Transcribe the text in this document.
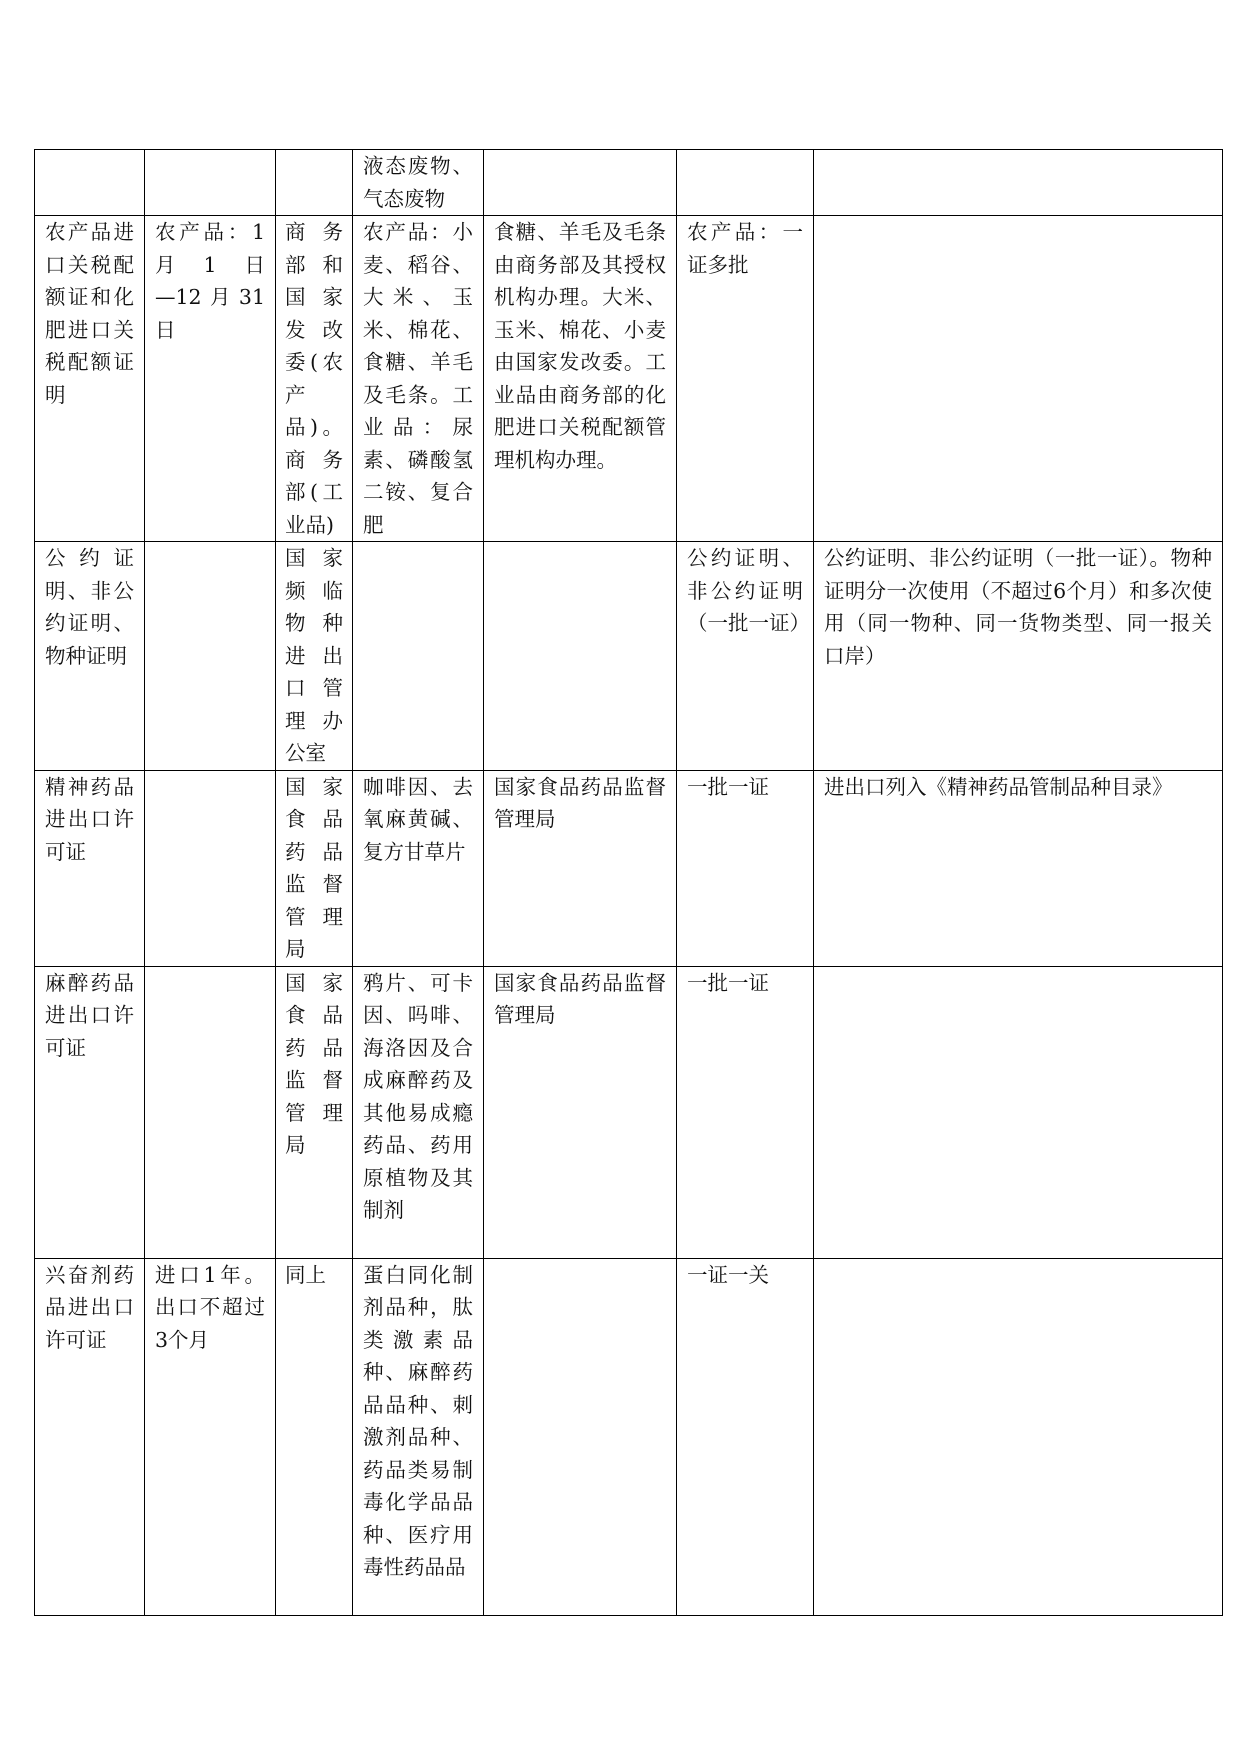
			液态废物、气态废物			
农产品进口关税配额证和化肥进口关税配额证明	农产品：1月　1　日—12月31日	商务部和国家发改委(农产品)。商务部(工业品)	农产品：小麦、稻谷、大米、玉米、棉花、食糖、羊毛及毛条。工业品：尿素、磷酸氢二铵、复合肥	食糖、羊毛及毛条由商务部及其授权机构办理。大米、玉米、棉花、小麦由国家发改委。工业品由商务部的化肥进口关税配额管理机构办理。	农产品：一证多批	
公约证明、非公约证明、物种证明		国家频临物种进出口管理办公室			公约证明、非公约证明（一批一证）	公约证明、非公约证明（一批一证）。物种证明分一次使用（不超过6个月）和多次使用（同一物种、同一货物类型、同一报关口岸）
精神药品进出口许可证		国家食品药品监督管理局	咖啡因、去氧麻黄碱、复方甘草片	国家食品药品监督管理局	一批一证	进出口列入《精神药品管制品种目录》
麻醉药品进出口许可证		国家食品药品监督管理局	鸦片、可卡因、吗啡、海洛因及合成麻醉药及其他易成瘾药品、药用原植物及其制剂	国家食品药品监督管理局	一批一证	
兴奋剂药品进出口许可证	进口1年。出口不超过3个月	同上	蛋白同化制剂品种，肽类激素品种、麻醉药品品种、刺激剂品种、药品类易制毒化学品品种、医疗用毒性药品品		一证一关	
